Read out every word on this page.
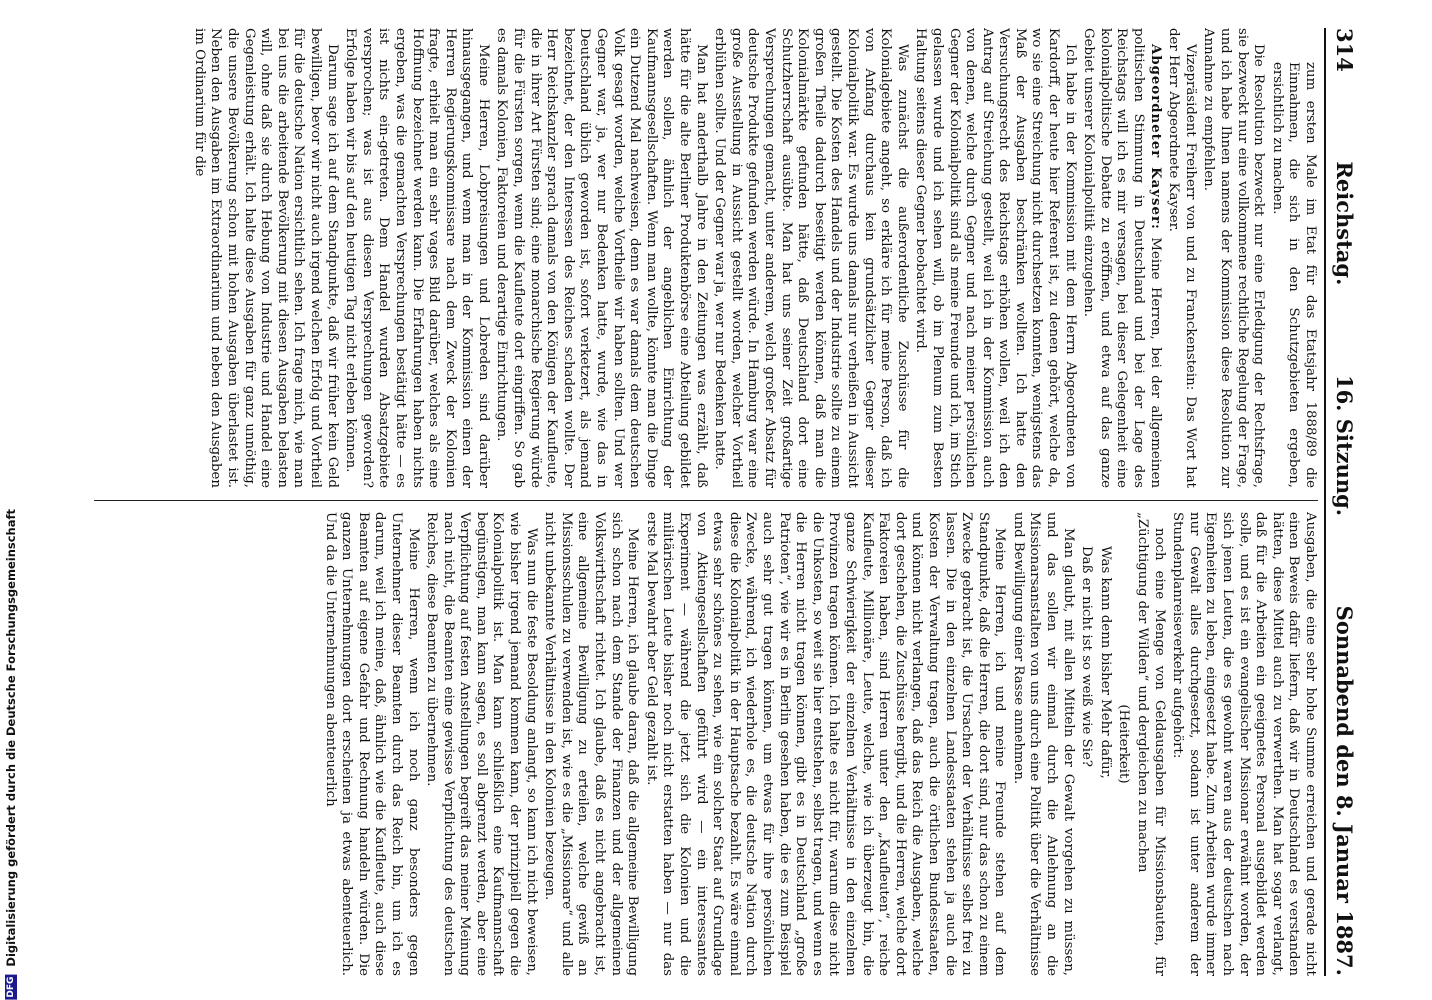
314
Reichstag.
16. Sitzung.
Sonnabend den 8. Januar 1887.

zum ersten Male im Etat für das Etatsjahr 1888/89 die Einnahmen, die sich in den Schutzgebieten ergeben, ersichtlich zu machen.

Die Resolution bezweckt nur eine Erledigung der Rechtsfrage, sie bezweckt nur eine vollkommene rechtliche Regelung der Frage, und ich habe Ihnen namens der Kommission diese Resolution zur Annahme zu empfehlen.

Vizepräsident Freiherr von und zu Franckenstein: Das Wort hat der Herr Abgeordnete Kayser.

Abgeordneter Kayser: Meine Herren, bei der allgemeinen politischen Stimmung in Deutschland und bei der Lage des Reichstags will ich es mir versagen, bei dieser Gelegenheit eine kolonialpolitische Debatte zu eröffnen, und etwa auf das ganze Gebiet unserer Kolonialpolitik einzugehen.

Ich habe in der Kommission mit dem Herrn Abgeordneten von Kardorff, der heute hier Referent ist, zu denen gehört, welche da, wo sie eine Streichung nicht durchsetzen konnten, wenigstens das Maß der Ausgaben beschränken wollten. Ich hatte den Versuchungsrecht des Reichstags erhöhen wollen, weil ich den Antrag auf Streichung gestellt, weil ich in der Kommission auch von denen, welche durch Gegner und nach meiner persönlichen Gegner der Kolonialpolitik sind als meine Freunde und ich, im Stich gelassen wurde und ich sehen will, ob im Plenum zum Besten Haltung seitens dieser Gegner beobachtet wird.

Was zunächst die außerordentliche Zuschüsse für die Kolonialgebiete angeht, so erkläre ich für meine Person, daß ich von Anfang durchaus kein grundsätzlicher Gegner dieser Kolonialpolitik war. Es wurde uns damals nur verheißen in Aussicht gestellt. Die Kosten des Handels und der Industrie sollte zu einem großen Theile dadurch beseitigt werden können, daß man die Kolonialmärkte gefunden hätte, daß Deutschland dort eine Schutzherrschaft ausübte. Man hat uns seiner Zeit großartige Versprechungen gemacht, unter anderem, welch großer Absatz für deutsche Produkte gefunden werden würde. In Hamburg war eine große Ausstellung in Aussicht gestellt worden, welcher Vortheil erblühen sollte. Und der Gegner war ja, wer nur Bedenken hatte.

Man hat anderthalb Jahre in den Zeitungen was erzählt, daß hätte für die alte Berliner Produktenbörse eine Abteilung gebildet werden sollen, ähnlich der angeblichen Einrichtung der Kaufmannsgesellschaften. Wenn man wollte, könnte man die Dinge ein Dutzend Mal nachweisen, denn es war damals dem deutschen Volk gesagt worden, welche Vortheile wir haben sollten. Und wer Gegner war, ja, wer nur Bedenken hatte, wurde, wie das in Deutschland üblich geworden ist, sofort verketzert, als jemand bezeichnet, der den Interessen des Reiches schaden wollte. Der Herr Reichskanzler sprach damals von den Königen der Kaufleute, die in ihrer Art Fürsten sind; eine monarchische Regierung würde für die Fürsten sorgen, wenn die Kaufleute dort eingriffen. So gab es damals Kolonien, Faktoreien und derartige Einrichtungen.

Meine Herren, Lobpreisungen und Lobreden sind darüber hinausgegangen, und wenn man in der Kommission einen der Herren Regierungskommissare nach dem Zweck der Kolonien fragte, erhielt man ein sehr vages Bild darüber, welches als eine Hoffnung bezeichnet werden kann. Die Erfahrungen haben nichts ergeben, was die gemachten Versprechungen bestätigt hätte — es ist nichts ein-getreten. Dem Handel wurden Absatzgebiete versprochen; was ist aus diesen Versprechungen geworden? Erfolge haben wir bis auf den heutigen Tag nicht erleben können.

Darum sage ich auf dem Standpunkte, daß wir früher kein Geld bewilligen, bevor wir nicht auch irgend welchen Erfolg und Vortheil für die deutsche Nation ersichtlich sehen. Ich frage mich, wie man bei uns die arbeitende Bevölkerung mit diesen Ausgaben belasten will, ohne daß sie durch Hebung von Industrie und Handel eine Gegenleistung erhält. Ich halte diese Ausgaben für ganz unnöthig, die unsere Bevölkerung schon mit hohen Ausgaben überlastet ist. Neben den Ausgaben im Extraordinarium und neben den Ausgaben im Ordinarium für die

Ausgaben, die eine sehr hohe Summe erreichen und gerade nicht einen Beweis dafür liefern, daß wir in Deutschland es verstanden hätten, diese Mittel auch zu verwerthen. Man hat sogar verlangt, daß für die Arbeiten ein geeignetes Personal ausgebildet werden solle, und es ist ein evangelischer Missionar erwähnt worden, der sich jenen Leuten, die es gewohnt waren aus der deutschen nach Eigenheiten zu leben, eingesetzt habe. Zum Arbeiten wurde immer nur Gewalt alles durchgesetzt, sodann ist unter anderem der Stundenplanreiseverkehr aufgehört:

noch eine Menge von Geldausgaben für Missionsbauten, für „Züchtigung der Wilden“ und dergleichen zu machen

(Heiterkeit)

Was kann denn bisher Mehr dafür,

Daß er nicht ist so weiß wie Sie?

Man glaubt, mit allen Mitteln der Gewalt vorgehen zu müssen, und das sollen wir einmal durch die Anlehnung an die Missionarsanstalten von uns durch eine Politik über die Verhältnisse und Bewilligung einer Rasse annehmen.

Meine Herren, ich und meine Freunde stehen auf dem Standpunkte, daß die Herren, die dort sind, nur das schon zu einem Zwecke gebracht ist, die Ursachen der Verhältnisse selbst frei zu lassen. Die in den einzelnen Landesstaaten stehen ja auch die Kosten der Verwaltung tragen, auch die örtlichen Bundesstaaten, und können nicht verlangen, daß das Reich die Ausgaben, welche dort geschehen, die Zuschüsse hergibt, und die Herren, welche dort Faktoreien haben, sind Herren unter den „Kaufleuten“, reiche Kaufleute, Millionäre, Leute, welche, wie ich überzeugt bin, die ganze Schwierigkeit der einzelnen Verhältnisse in den einzelnen Provinzen tragen können. Ich halte es nicht für, warum diese nicht die Unkosten, so weit sie hier entstehen, selbst tragen, und wenn es die Herren nicht tragen können, gibt es in Deutschland „große Patrioten“, wie wir es in Berlin gesehen haben, die es zum Beispiel auch sehr gut tragen können, um etwas für ihre persönlichen Zwecke, während, ich wiederhole es, die deutsche Nation durch diese die Kolonialpolitik in der Hauptsache bezahlt. Es wäre einmal etwas sehr schönes zu sehen, wie ein solcher Staat auf Grundlage von Aktiengesellschaften geführt wird — ein interessantes Experiment — während die jetzt sich die Kolonien und die militärischen Leute bisher noch nicht erstatten haben — nur das erste Mal bewahrt aber Geld gezahlt ist.

Meine Herren, ich glaube daran, daß die allgemeine Bewilligung sich schon nach dem Stande der Finanzen und der allgemeinen Volkswirthschaft richtet. Ich glaube, daß es nicht angebracht ist, eine allgemeine Bewilligung zu erteilen, welche gewiß an Missionsschulen zu verwenden ist, wie es die „Missionare“ und alle nicht unbekannte Verhältnisse in den Kolonien bezeugen.

Was nun die feste Besoldung anlangt, so kann ich nicht beweisen, wie bisher irgend jemand kommen kann, der prinzipiell gegen die Kolonialpolitik ist. Man kann schließlich eine Kaufmannschaft begünstigen, man kann sagen, es soll abgrenzt werden, aber eine Verpflichtung auf festen Anstellungen begreift das meiner Meinung nach nicht, die Beamten eine gewisse Verpflichtung des deutschen Reiches, diese Beamten zu übernehmen.

Meine Herren, wenn ich noch ganz besonders gegen Unternehmer dieser Beamten durch das Reich bin, um ich es darum, weil ich meine, daß, ähnlich wie die Kaufleute, auch diese Beamten auf eigene Gefahr und Rechnung handeln würden. Die ganzen Unternehmungen dort erscheinen ja etwas abenteuerlich. Und da die Unternehmungen abenteuerlich

DFG Digitalisierung gefördert durch die Deutsche Forschungsgemeinschaft
